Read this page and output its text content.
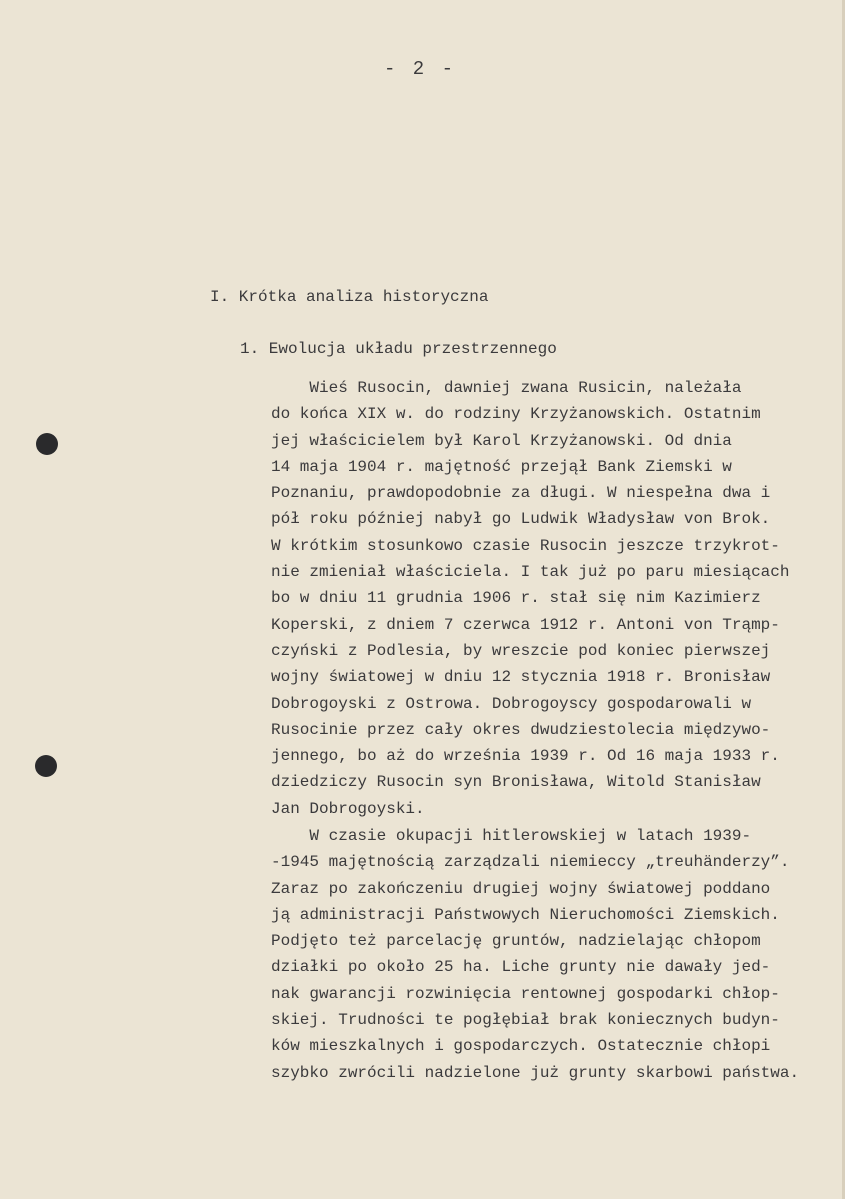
- 2 -
I. Krótka analiza historyczna
1. Ewolucja układu przestrzennego
Wieś Rusocin, dawniej zwana Rusicin, należała
do końca XIX w. do rodziny Krzyżanowskich. Ostatnim
jej właścicielem był Karol Krzyżanowski. Od dnia
14 maja 1904 r. majętność przejął Bank Ziemski w
Poznaniu, prawdopodobnie za długi. W niespełna dwa i
pół roku później nabył go Ludwik Władysław von Brok.
W krótkim stosunkowo czasie Rusocin jeszcze trzykrot-
nie zmieniał właściciela. I tak już po paru miesiącach
bo w dniu 11 grudnia 1906 r. stał się nim Kazimierz
Koperski, z dniem 7 czerwca 1912 r. Antoni von Trąmp-
czyński z Podlesia, by wreszcie pod koniec pierwszej
wojny światowej w dniu 12 stycznia 1918 r. Bronisław
Dobrogoyski z Ostrowa. Dobrogoyscy gospodarowali w
Rusocinie przez cały okres dwudziestolecia międzywo-
jennego, bo aż do września 1939 r. Od 16 maja 1933 r.
dziedziczy Rusocin syn Bronisława, Witold Stanisław
Jan Dobrogoyski.
W czasie okupacji hitlerowskiej w latach 1939-
-1945 majętnością zarządzali niemieccy „treuhänderzy”.
Zaraz po zakończeniu drugiej wojny światowej poddano
ją administracji Państwowych Nieruchomości Ziemskich.
Podjęto też parcelację gruntów, nadzielając chłopom
działki po około 25 ha. Liche grunty nie dawały jed-
nak gwarancji rozwinięcia rentownej gospodarki chłop-
skiej. Trudności te pogłębiał brak koniecznych budyn-
ków mieszkalnych i gospodarczych. Ostatecznie chłopi
szybko zwrócili nadzielone już grunty skarbowi państwa.
